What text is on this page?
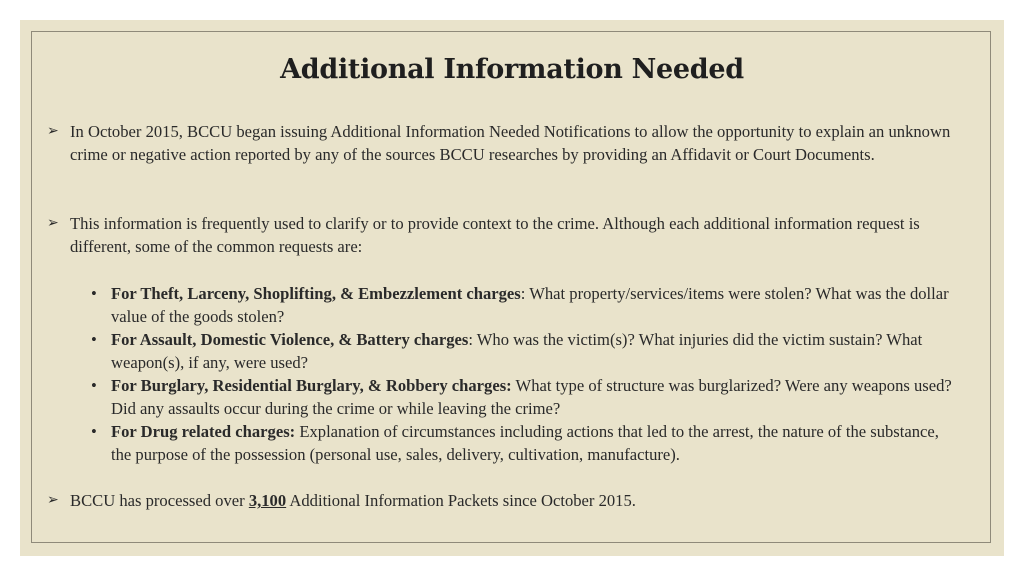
Additional Information Needed
➢ In October 2015, BCCU began issuing Additional Information Needed Notifications to allow the opportunity to explain an unknown crime or negative action reported by any of the sources BCCU researches by providing an Affidavit or Court Documents.
➢ This information is frequently used to clarify or to provide context to the crime. Although each additional information request is different, some of the common requests are:
• For Theft, Larceny, Shoplifting, & Embezzlement charges: What property/services/items were stolen? What was the dollar value of the goods stolen?
• For Assault, Domestic Violence, & Battery charges: Who was the victim(s)? What injuries did the victim sustain? What weapon(s), if any, were used?
• For Burglary, Residential Burglary, & Robbery charges: What type of structure was burglarized? Were any weapons used? Did any assaults occur during the crime or while leaving the crime?
• For Drug related charges: Explanation of circumstances including actions that led to the arrest, the nature of the substance, the purpose of the possession (personal use, sales, delivery, cultivation, manufacture).
➢ BCCU has processed over 3,100 Additional Information Packets since October 2015.
